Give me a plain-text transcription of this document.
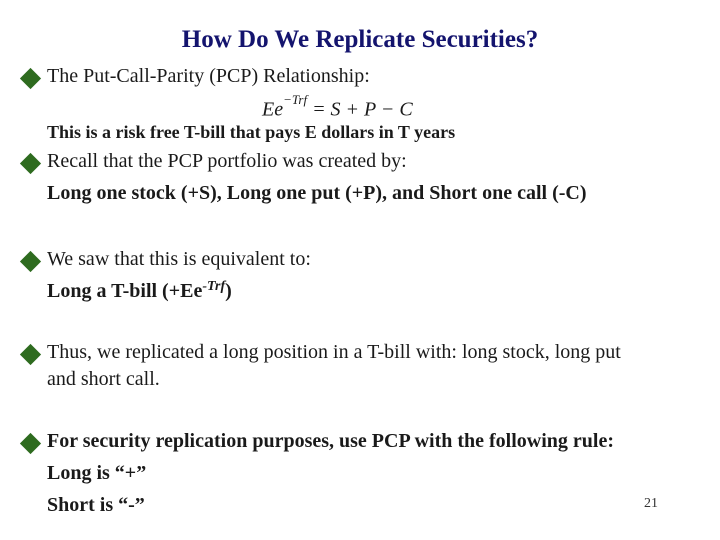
How Do We Replicate Securities?
The Put-Call-Parity (PCP) Relationship:
$Ee^{-Trf} = S + P - C$
This is a risk free T-bill that pays E dollars in T years
Recall that the PCP portfolio was created by:
Long one stock (+S), Long one put (+P), and Short one call (-C)
We saw that this is equivalent to:
Long a T-bill $(+Ee^{-Trf})$
Thus, we replicated a long position in a T-bill with: long stock, long put
and short call.
For security replication purposes, use PCP with the following rule:
Long is “+”
Short is “-”	21
